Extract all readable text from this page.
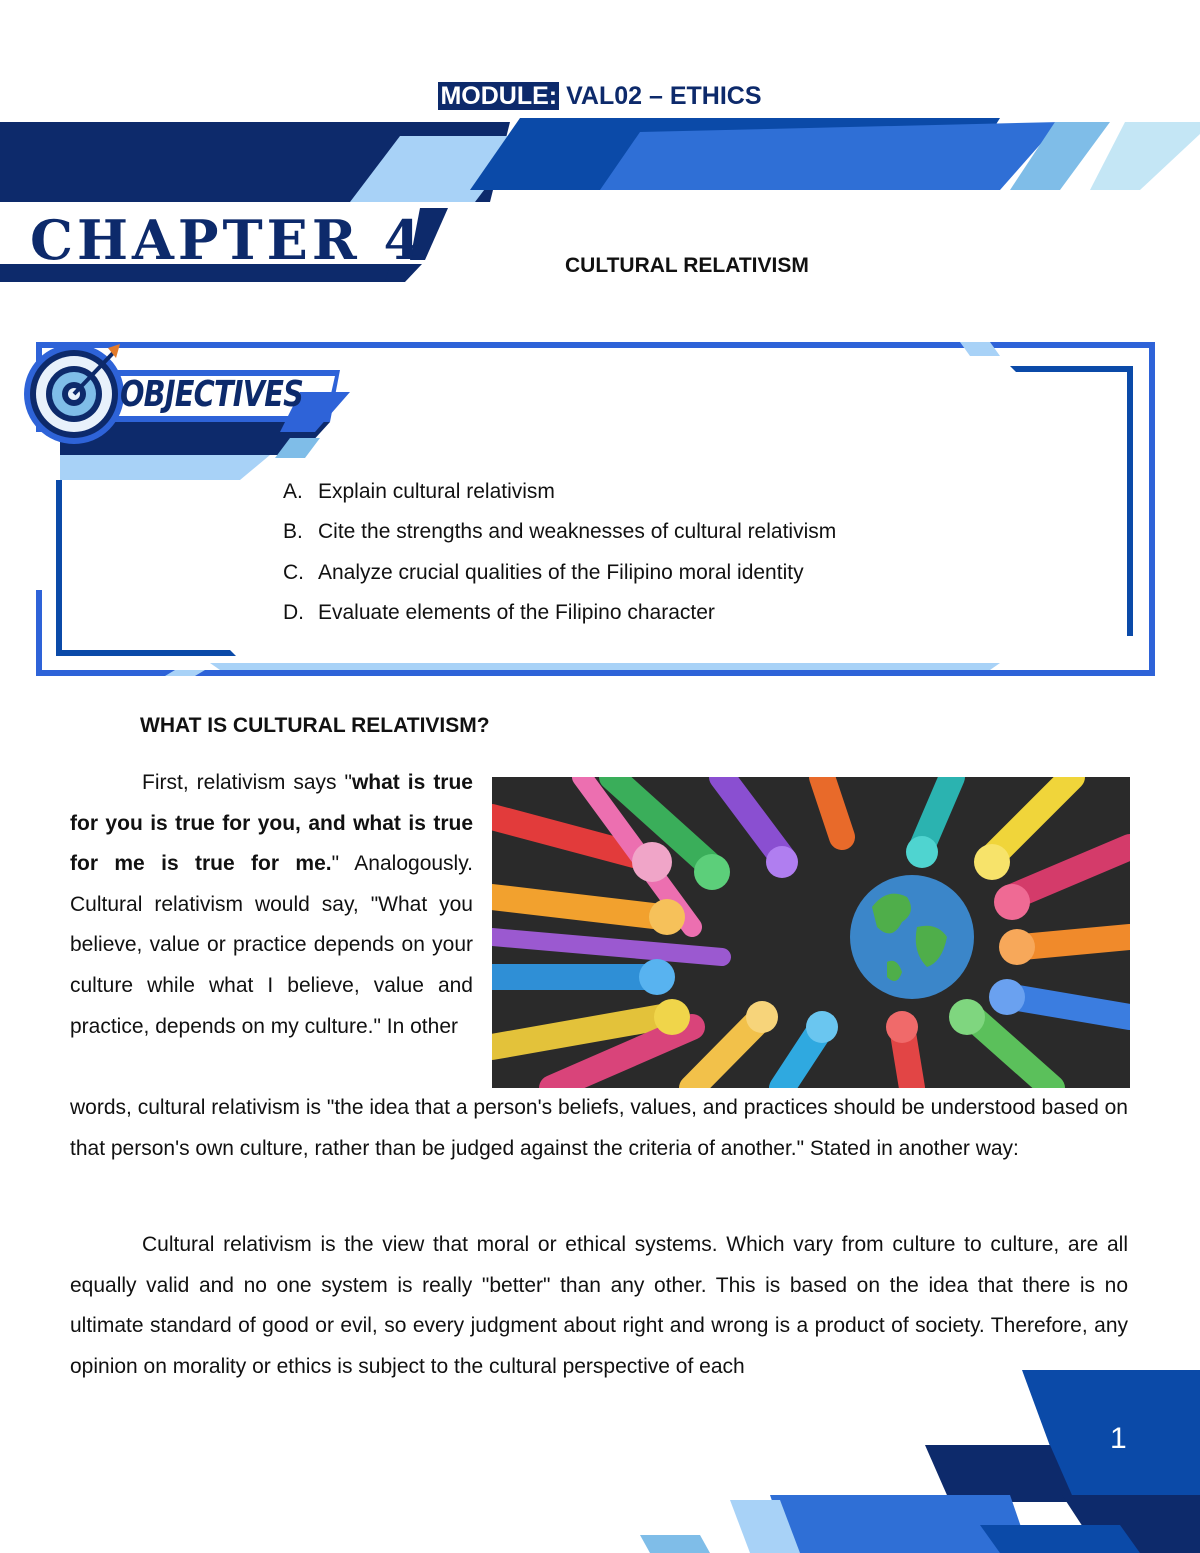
MODULE: VAL02 – ETHICS
CHAPTER 4	CULTURAL RELATIVISM
OBJECTIVES
A. Explain cultural relativism
B. Cite the strengths and weaknesses of cultural relativism
C. Analyze crucial qualities of the Filipino moral identity
D. Evaluate elements of the Filipino character
WHAT IS CULTURAL RELATIVISM?
First, relativism says "what is true for you is true for you, and what is true for me is true for me." Analogously. Cultural relativism would say, "What you believe, value or practice depends on your culture while what I believe, value and practice, depends on my culture." In other
words, cultural relativism is "the idea that a person's beliefs, values, and practices should be understood based on that person's own culture, rather than be judged against the criteria of another." Stated in another way:
Cultural relativism is the view that moral or ethical systems. Which vary from culture to culture, are all equally valid and no one system is really "better" than any other. This is based on the idea that there is no ultimate standard of good or evil, so every judgment about right and wrong is a product of society. Therefore, any opinion on morality or ethics is subject to the cultural perspective of each
1
